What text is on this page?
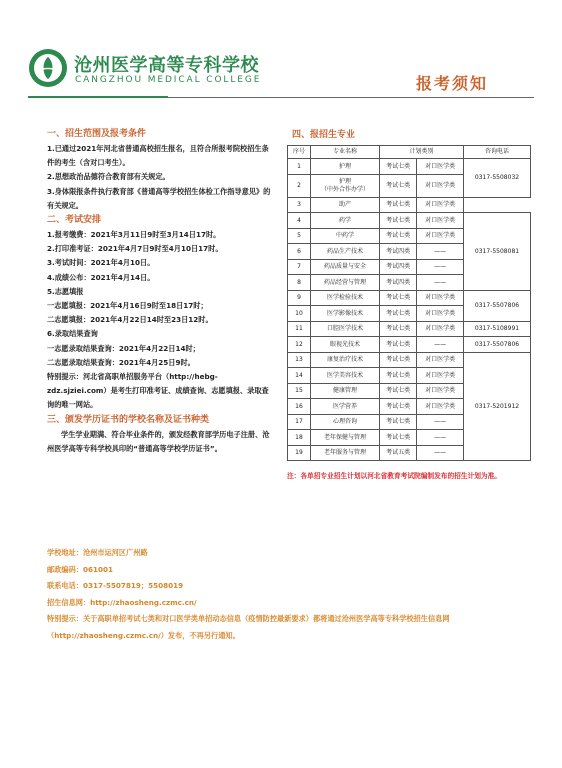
沧州医学高等专科学校
CANGZHOU MEDICAL COLLEGE	报考须知

一、招生范围及报考条件

1.已通过2021年河北省普通高校招生报名，且符合所报考院校招生条件的考生（含对口考生）。

2.思想政治品德符合教育部有关规定。

3.身体限报条件执行教育部《普通高等学校招生体检工作指导意见》的有关规定。

二、考试安排

1.报考缴费：2021年3月11日9时至3月14日17时。

2.打印准考证：2021年4月7日9时至4月10日17时。

3.考试时间：2021年4月10日。

4.成绩公布：2021年4月14日。

5.志愿填报

一志愿填报：2021年4月16日9时至18日17时；

二志愿填报：2021年4月22日14时至23日12时。

6.录取结果查询

一志愿录取结果查询：2021年4月22日14时；

二志愿录取结果查询：2021年4月25日9时。

特别提示：河北省高职单招服务平台（http://hebg-zdz.sjziei.com）是考生打印准考证、成绩查询、志愿填报、录取查询的唯一网站。

三、颁发学历证书的学校名称及证书种类

学生学业期满、符合毕业条件的，颁发经教育部学历电子注册、沧州医学高等专科学校具印的“普通高等学校学历证书”。

四、报招生专业
序号	专业名称	计划类别		咨询电话
1	护理	考试七类	对口医学类	0317-5508032
2	护理
（中外合作办学）	考试七类	对口医学类	
3	助产	考试七类	对口医学类	
4	药学	考试七类	对口医学类	0317-5508081
5	中药学	考试七类	对口医学类	
6	药品生产技术	考试四类	——	
7	药品质量与安全	考试四类	——	
8	药品经营与管理	考试四类	——	
9	医学检验技术	考试七类	对口医学类	0317-5507806
10	医学影像技术	考试七类	对口医学类	
11	口腔医学技术	考试七类	对口医学类	0317-5108991
12	眼视光技术	考试七类	——	0317-5507806
13	康复治疗技术	考试七类	对口医学类	0317-5201912
14	医学美容技术	考试七类	对口医学类	
15	健康管理	考试七类	对口医学类	
16	医学营养	考试七类	对口医学类	
17	心理咨询	考试七类	——	
18	老年保健与管理	考试七类	——	
19	老年服务与管理	考试五类	——	
注：各单招专业招生计划以河北省教育考试院编制发布的招生计划为准。

学校地址：沧州市运河区广州路

邮政编码：061001

联系电话：0317-5507819；5508019

招生信息网：http://zhaosheng.czmc.cn/

特别提示：关于高职单招考试七类和对口医学类单招动态信息（疫情防控最新要求）都将通过沧州医学高等专科学校招生信息网（http://zhaosheng.czmc.cn/）发布，不再另行通知。
